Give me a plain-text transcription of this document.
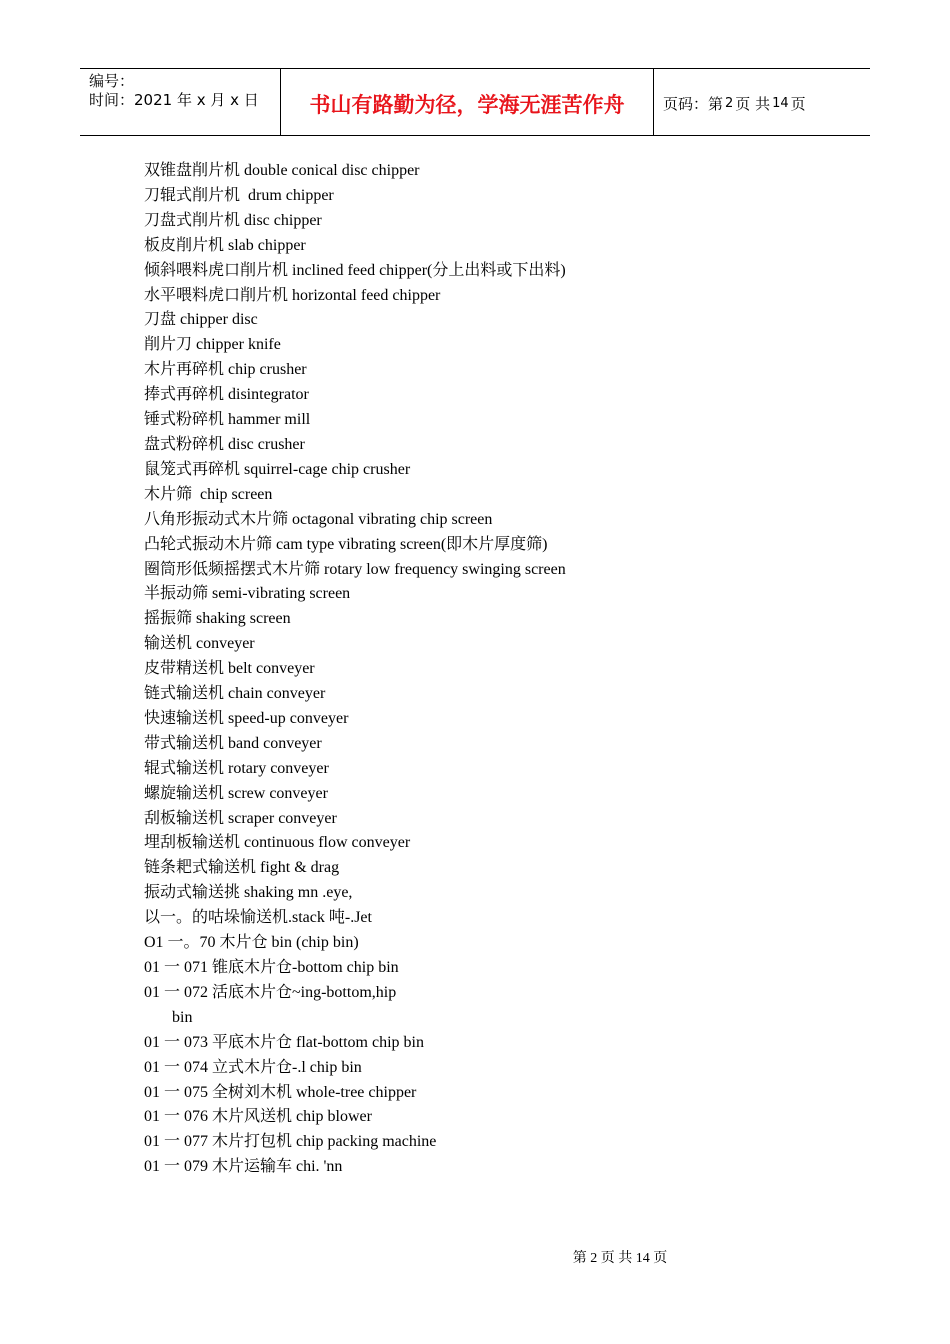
编号：
时间：2021 年 x 月 x 日	书山有路勤为径，学海无涯苦作舟	页码：第 2 页 共 14 页
双锥盘削片机 double conical disc chipper
刀辊式削片机  drum chipper
刀盘式削片机 disc chipper
板皮削片机 slab chipper
倾斜喂料虎口削片机 inclined feed chipper(分上出料或下出料)
水平喂料虎口削片机 horizontal feed chipper
刀盘 chipper disc
削片刀 chipper knife
木片再碎机 chip crusher
捧式再碎机 disintegrator
锤式粉碎机 hammer mill
盘式粉碎机 disc crusher
鼠笼式再碎机 squirrel-cage chip crusher
木片筛  chip screen
八角形振动式木片筛 octagonal vibrating chip screen
凸轮式振动木片筛 cam type vibrating screen(即木片厚度筛)
圈筒形低频摇摆式木片筛 rotary low frequency swinging screen
半振动筛 semi-vibrating screen
摇振筛 shaking screen
输送机 conveyer
皮带精送机 belt conveyer
链式输送机 chain conveyer
快速输送机 speed-up conveyer
带式输送机 band conveyer
辊式输送机 rotary conveyer
螺旋输送机 screw conveyer
刮板输送机 scraper conveyer
埋刮板输送机 continuous flow conveyer
链条耙式输送机 fight & drag
振动式输送挑 shaking mn .eye,
以一。的咕垛愉送机.stack 吨-.Jet
O1 一。70 木片仓 bin (chip bin)
01 一 071 锥底木片仓-bottom chip bin
01 一 072 活底木片仓~ing-bottom,hip
bin
01 一 073 平底木片仓 flat-bottom chip bin
01 一 074 立式木片仓-.l chip bin
01 一 075 全树刘木机 whole-tree chipper
01 一 076 木片风送机 chip blower
01 一 077 木片打包机 chip packing machine
01 一 079 木片运输车 chi. 'nn
第 2 页 共 14 页
